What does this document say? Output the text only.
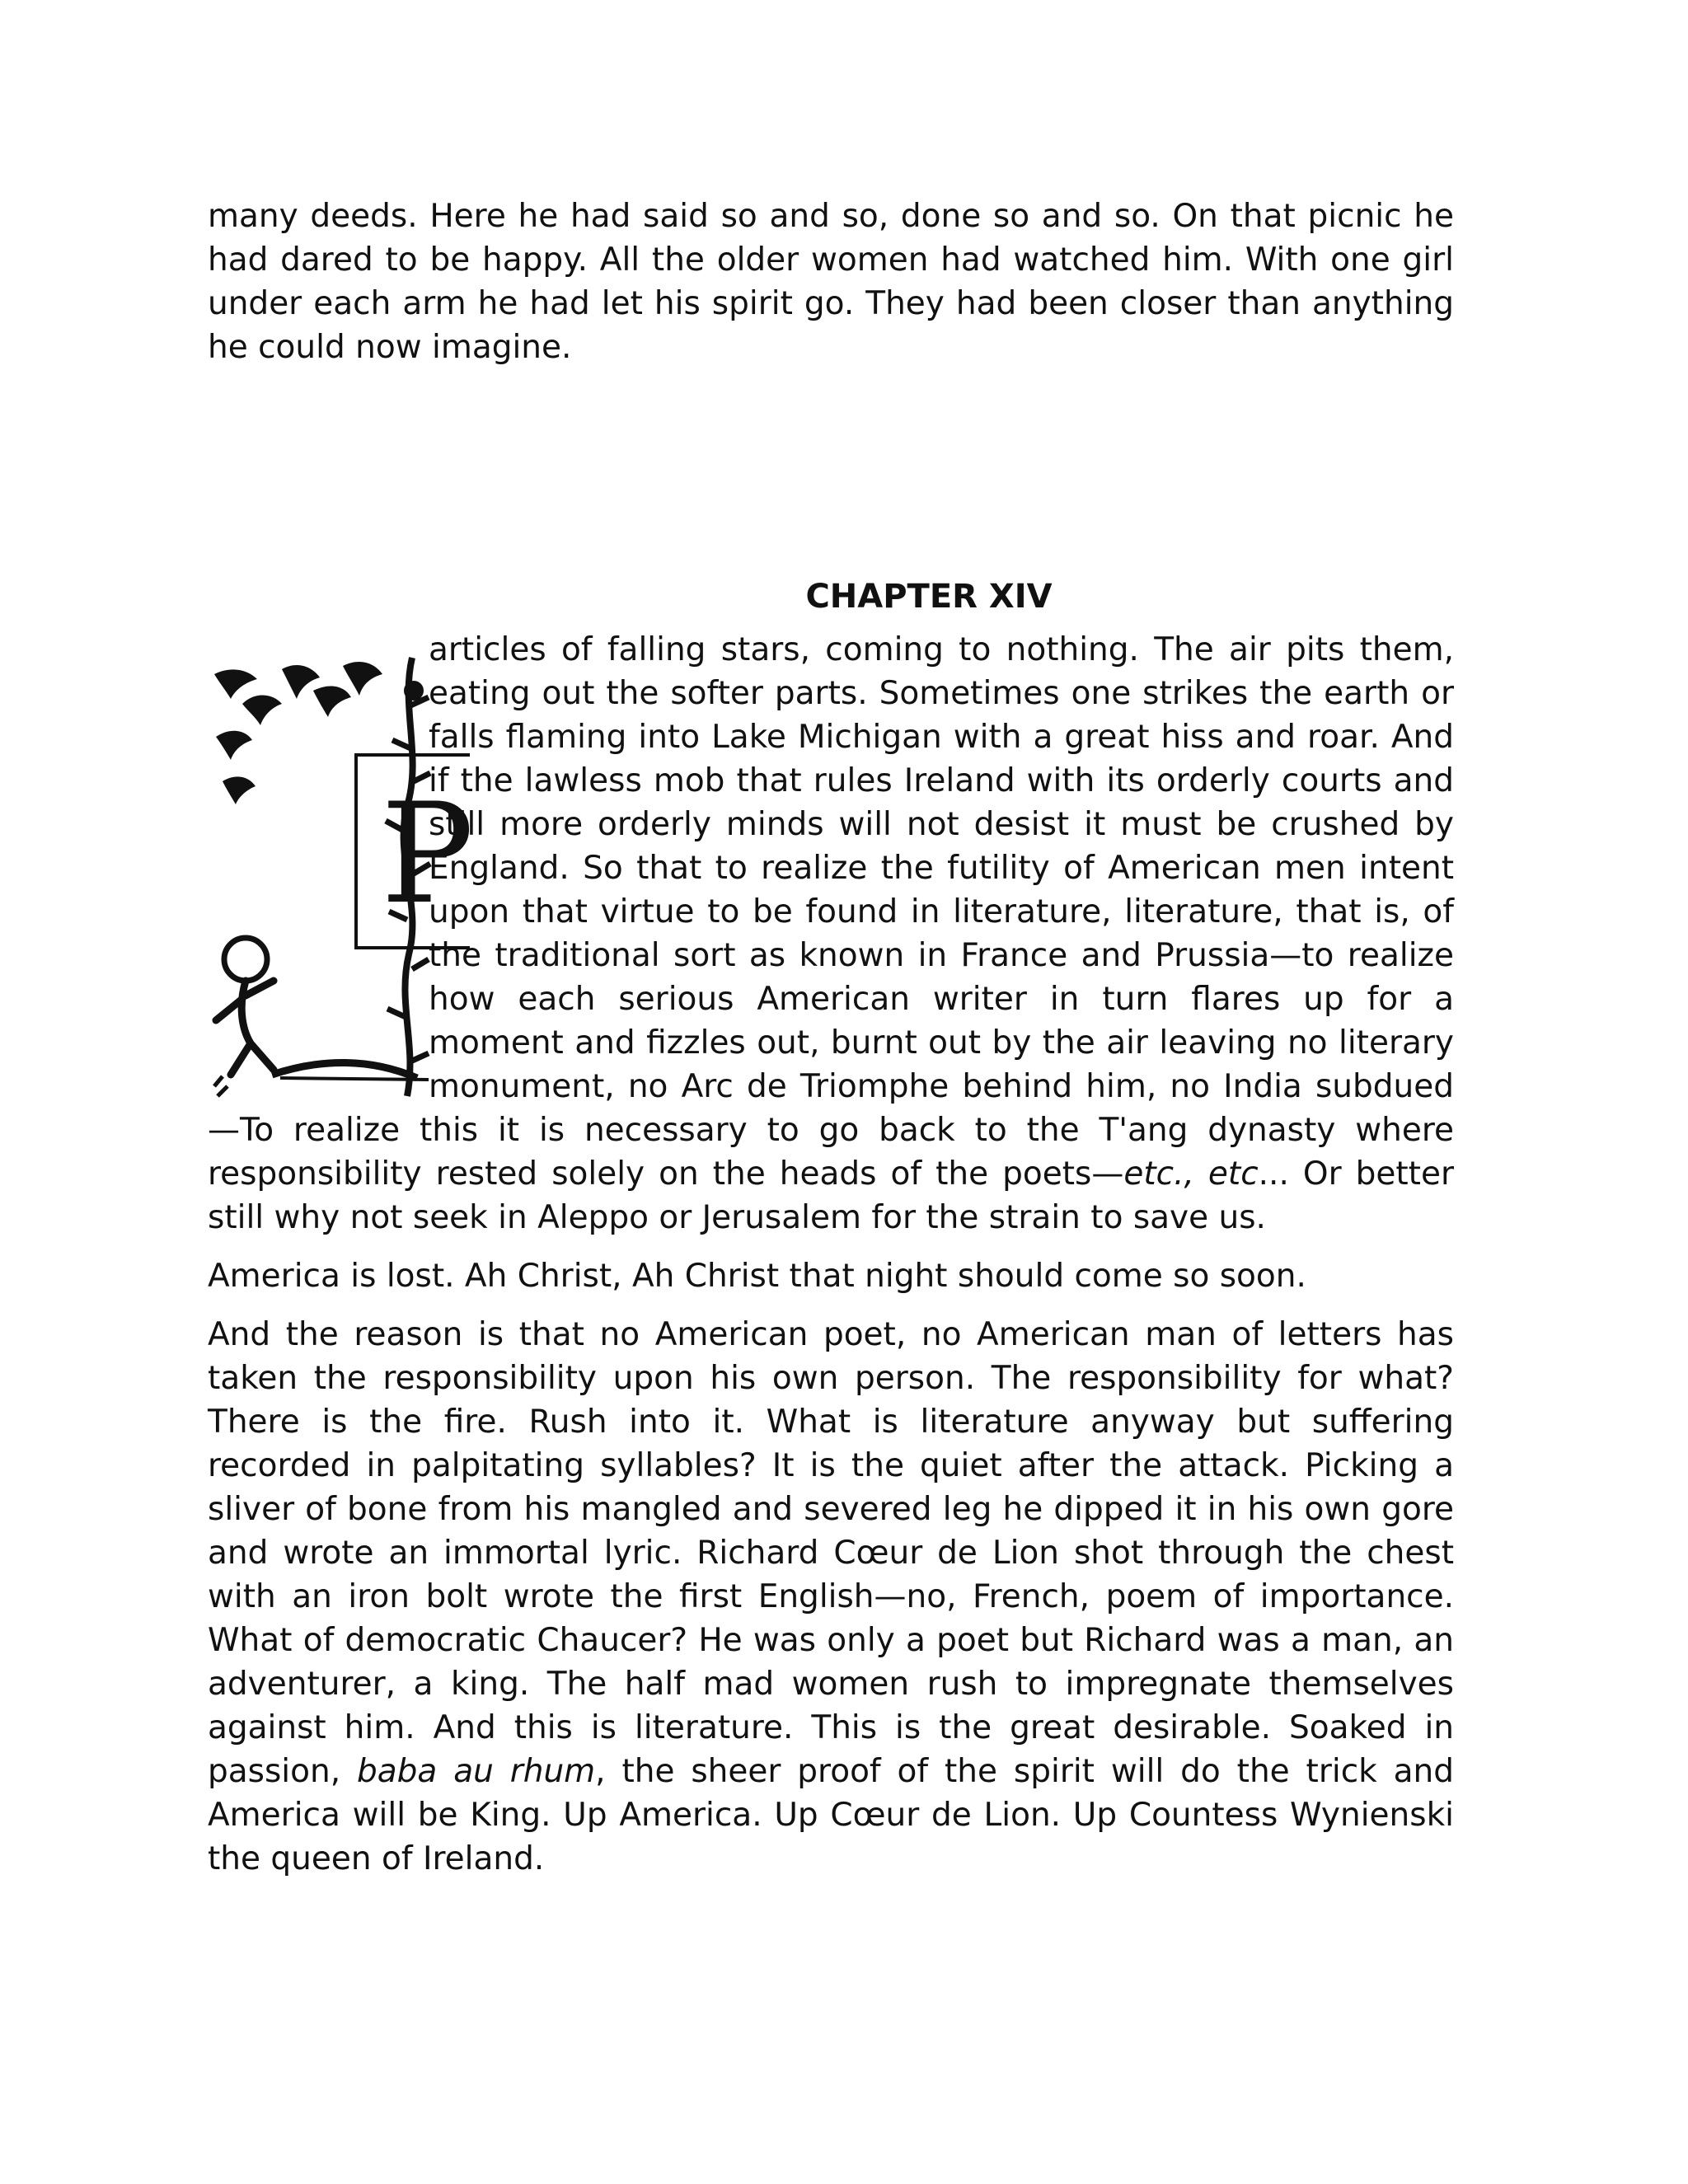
many deeds. Here he had said so and so, done so and so. On that picnic he had dared to be happy. All the older women had watched him. With one girl under each arm he had let his spirit go. They had been closer than anything he could now imagine.

CHAPTER XIV

P
articles of falling stars, coming to nothing. The air pits them, eating out the softer parts. Sometimes one strikes the earth or falls flaming into Lake Michigan with a great hiss and roar. And if the lawless mob that rules Ireland with its orderly courts and still more orderly minds will not desist it must be crushed by England. So that to realize the futility of American men intent upon that virtue to be found in literature, literature, that is, of the traditional sort as known in France and Prussia—to realize how each serious American writer in turn flares up for a moment and fizzles out, burnt out by the air leaving no literary monument, no Arc de Triomphe behind him, no India subdued—To realize this it is necessary to go back to the T'ang dynasty where responsibility rested solely on the heads of the poets—etc., etc... Or better still why not seek in Aleppo or Jerusalem for the strain to save us.

America is lost. Ah Christ, Ah Christ that night should come so soon.

And the reason is that no American poet, no American man of letters has taken the responsibility upon his own person. The responsibility for what? There is the fire. Rush into it. What is literature anyway but suffering recorded in palpitating syllables? It is the quiet after the attack. Picking a sliver of bone from his mangled and severed leg he dipped it in his own gore and wrote an immortal lyric. Richard Cœur de Lion shot through the chest with an iron bolt wrote the first English—no, French, poem of importance. What of democratic Chaucer? He was only a poet but Richard was a man, an adventurer, a king. The half mad women rush to impregnate themselves against him. And this is literature. This is the great desirable. Soaked in passion, baba au rhum, the sheer proof of the spirit will do the trick and America will be King. Up America. Up Cœur de Lion. Up Countess Wynienski the queen of Ireland.
